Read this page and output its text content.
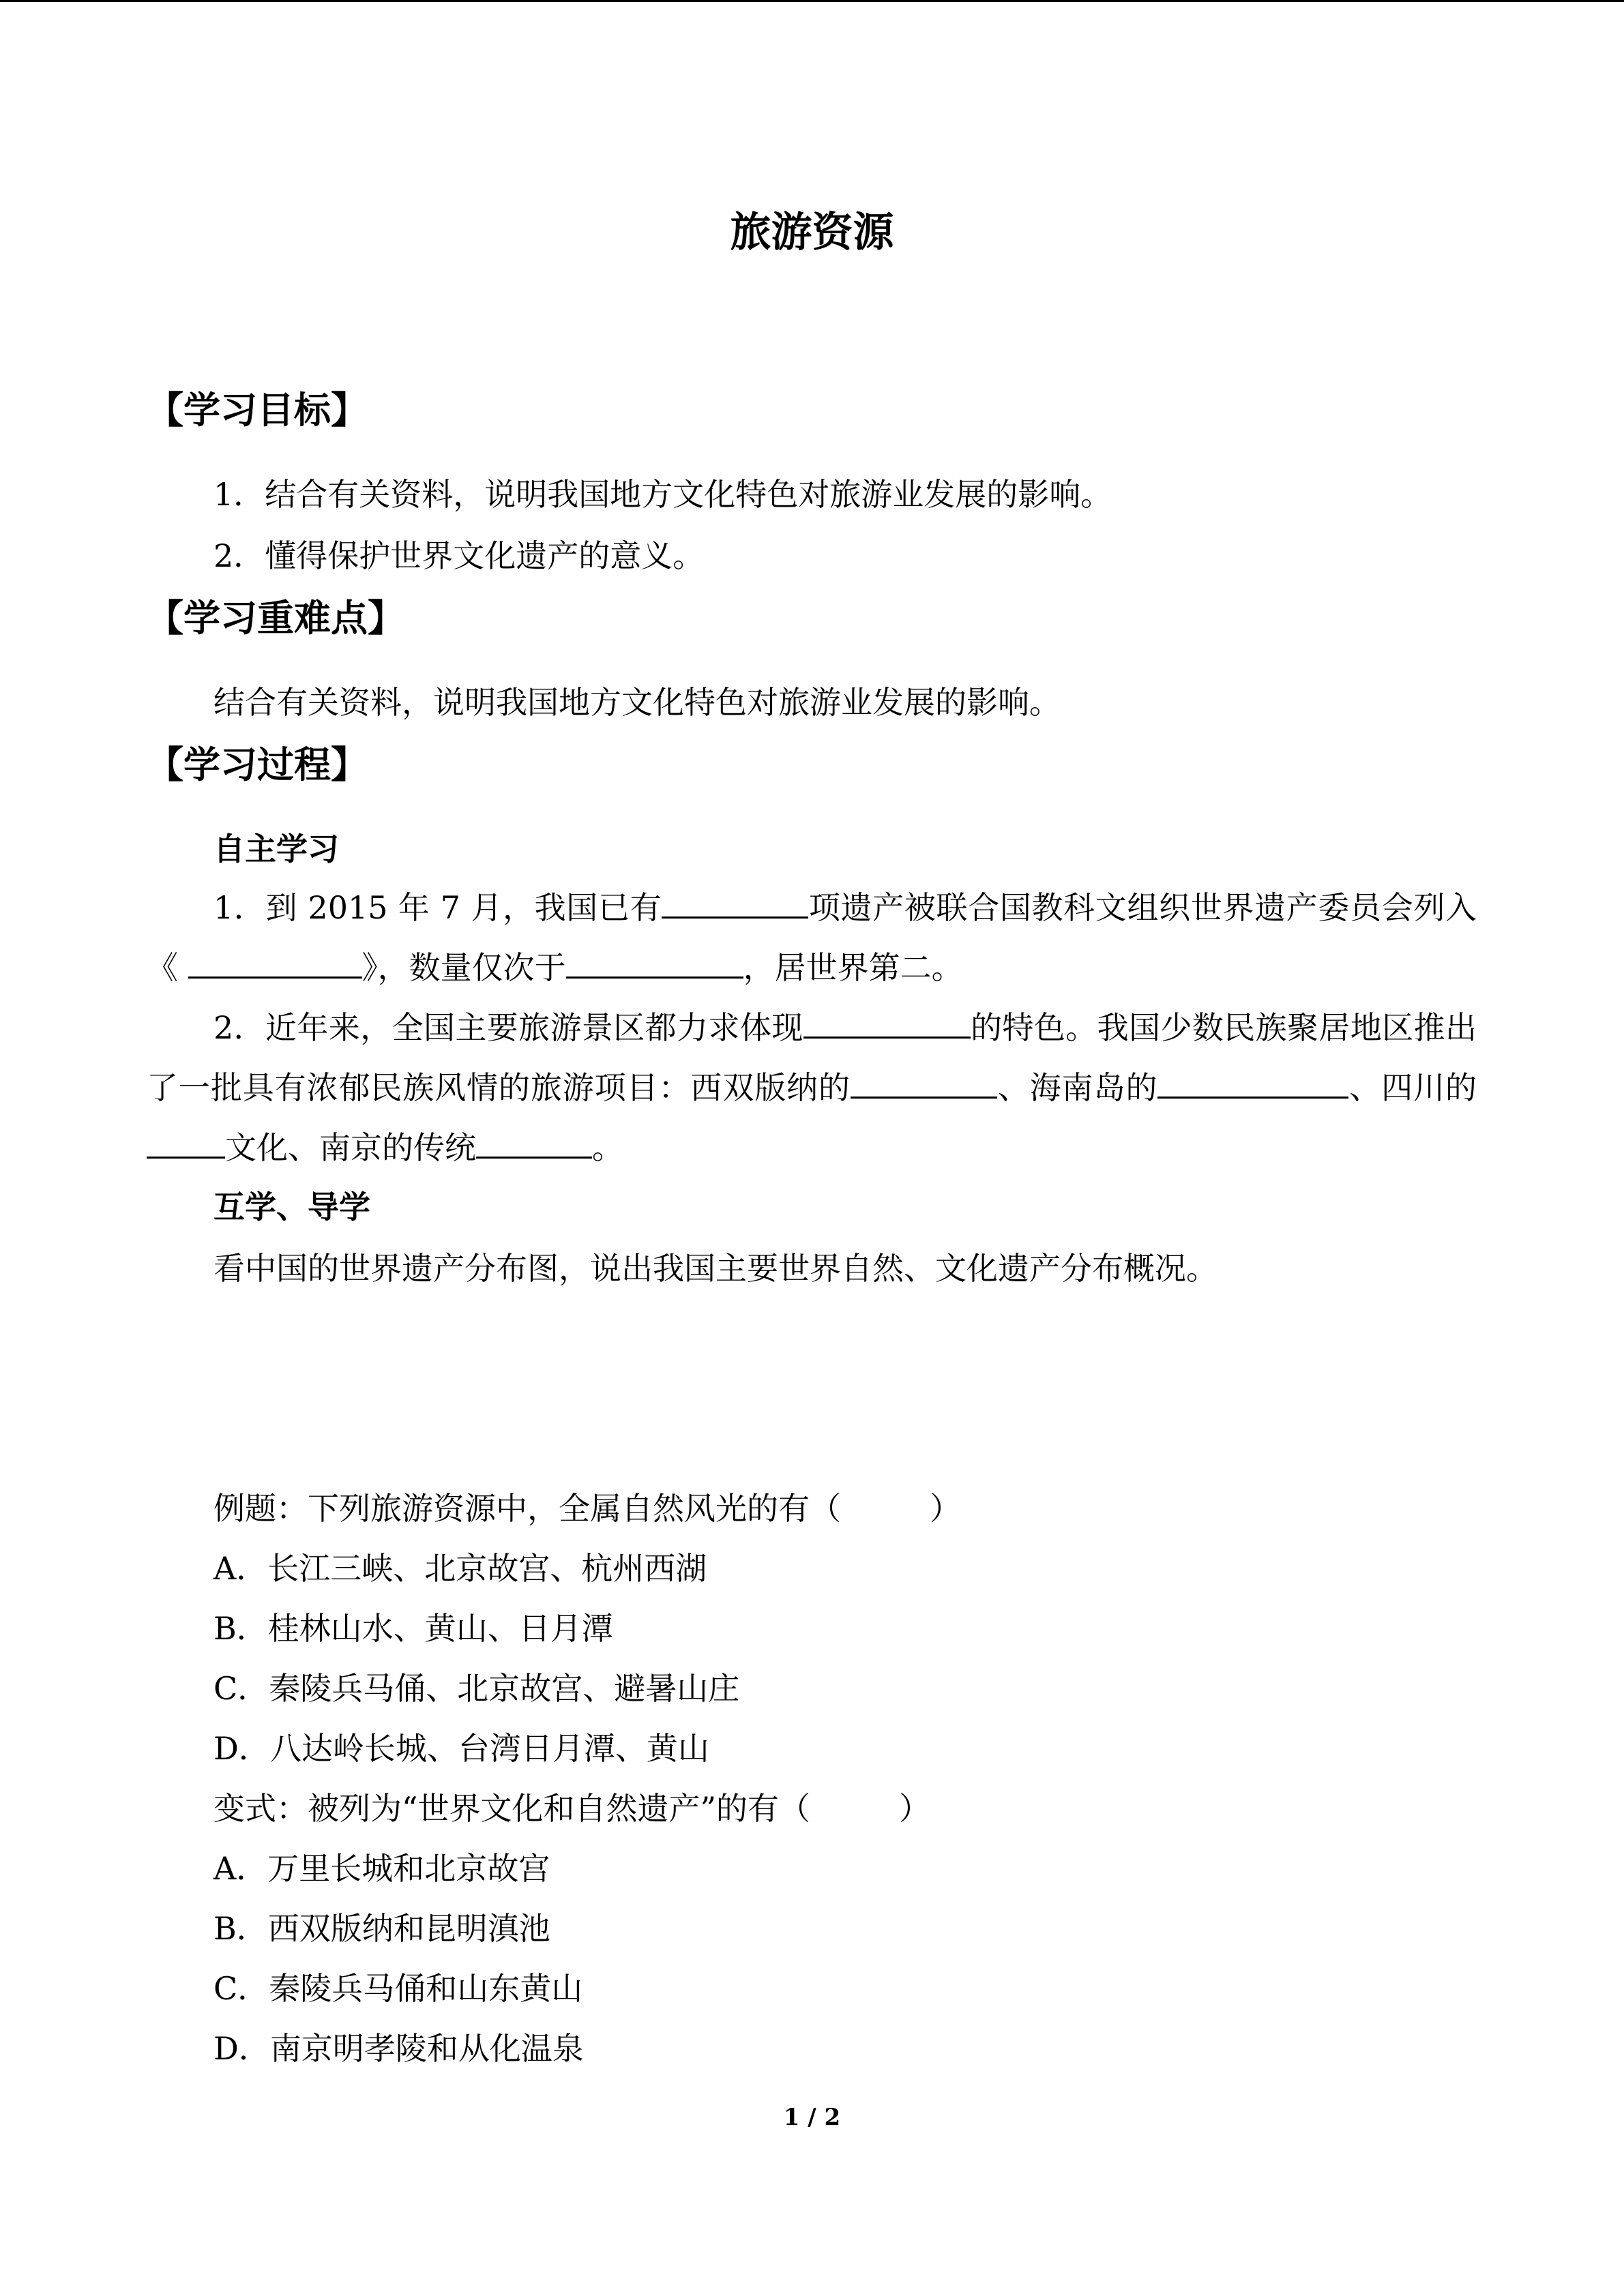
旅游资源
【学习目标】
1．结合有关资料，说明我国地方文化特色对旅游业发展的影响。
2．懂得保护世界文化遗产的意义。
【学习重难点】
结合有关资料，说明我国地方文化特色对旅游业发展的影响。
【学习过程】
自主学习
1．到 2015 年 7 月，我国已有	项遗产被联合国教科文组织世界遗产委员会列入《	》，数量仅次于	，居世界第二。
2．近年来，全国主要旅游景区都力求体现	的特色。我国少数民族聚居地区推出了一批具有浓郁民族风情的旅游项目：西双版纳的	、海南岛的	、四川的文化、南京的传统	。
互学、导学
看中国的世界遗产分布图，说出我国主要世界自然、文化遗产分布概况。
例题：下列旅游资源中，全属自然风光的有（	）
A．长江三峡、北京故宫、杭州西湖
B．桂林山水、黄山、日月潭
C．秦陵兵马俑、北京故宫、避暑山庄
D．八达岭长城、台湾日月潭、黄山
变式：被列为“世界文化和自然遗产”的有（	）
A．万里长城和北京故宫
B．西双版纳和昆明滇池
C．秦陵兵马俑和山东黄山
D．南京明孝陵和从化温泉
1 / 2
